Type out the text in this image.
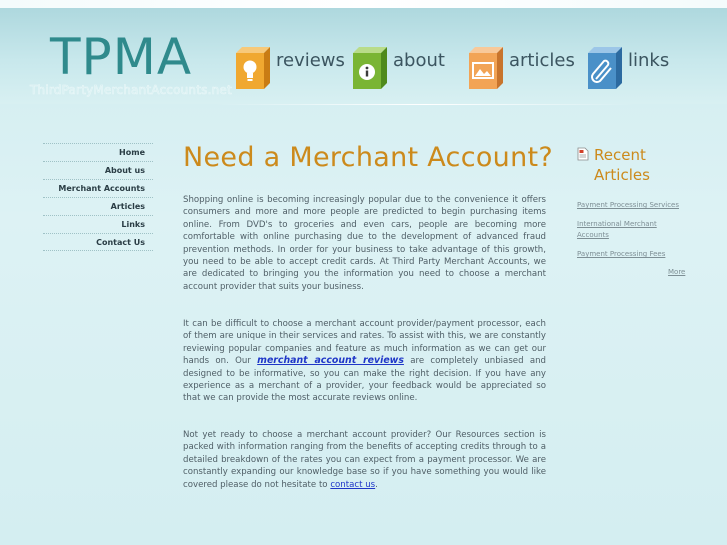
TPMA
ThirdPartyMerchantAccounts.net
reviews	about	articles	links
Home
About us
Merchant Accounts
Articles
Links
Contact Us
Need a Merchant Account?

Shopping online is becoming increasingly popular due to the convenience it offers consumers and more and more people are predicted to begin purchasing items online. From DVD's to groceries and even cars, people are becoming more comfortable with online purchasing due to the development of advanced fraud prevention methods. In order for your business to take advantage of this growth, you need to be able to accept credit cards. At Third Party Merchant Accounts, we are dedicated to bringing you the information you need to choose a merchant account provider that suits your business.

It can be difficult to choose a merchant account provider/payment processor, each of them are unique in their services and rates. To assist with this, we are constantly reviewing popular companies and feature as much information as we can get our hands on. Our merchant account reviews are completely unbiased and designed to be informative, so you can make the right decision. If you have any experience as a merchant of a provider, your feedback would be appreciated so that we can provide the most accurate reviews online.

Not yet ready to choose a merchant account provider? Our Resources section is packed with information ranging from the benefits of accepting credits through to a detailed breakdown of the rates you can expect from a payment processor. We are constantly expanding our knowledge base so if you have something you would like covered please do not hesitate to contact us.

Recent Articles
Payment Processing Services
International Merchant Accounts
Payment Processing Fees
More
